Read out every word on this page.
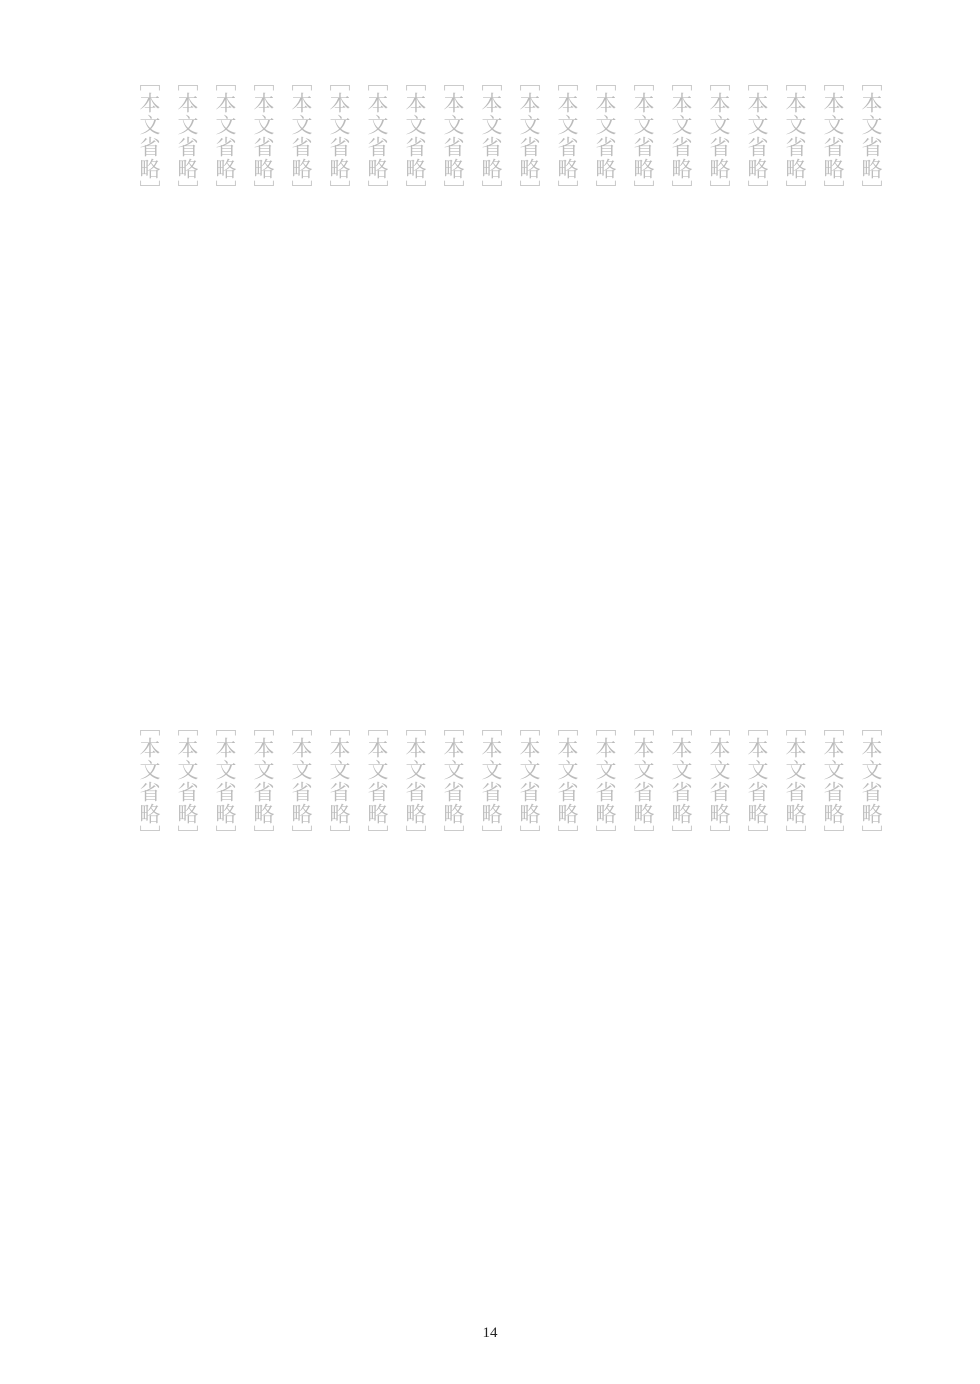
［本文省略］
［本文省略］
［本文省略］
［本文省略］
［本文省略］
［本文省略］
［本文省略］
［本文省略］
［本文省略］
［本文省略］
［本文省略］
［本文省略］
［本文省略］
［本文省略］
［本文省略］
［本文省略］
［本文省略］
［本文省略］
［本文省略］
［本文省略］
［本文省略］
［本文省略］
［本文省略］
［本文省略］
［本文省略］
［本文省略］
［本文省略］
［本文省略］
［本文省略］
［本文省略］
［本文省略］
［本文省略］
［本文省略］
［本文省略］
［本文省略］
［本文省略］
［本文省略］
［本文省略］
［本文省略］
［本文省略］
14
